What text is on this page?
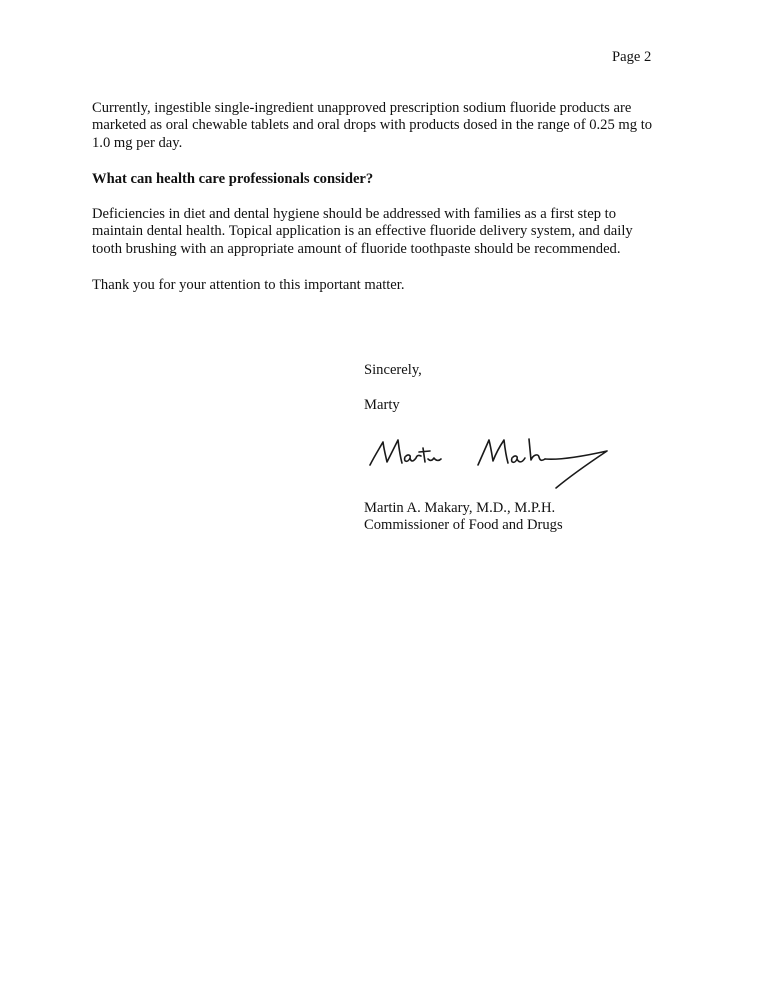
Page 2
Currently, ingestible single-ingredient unapproved prescription sodium fluoride products are
marketed as oral chewable tablets and oral drops with products dosed in the range of 0.25 mg to
1.0 mg per day.
What can health care professionals consider?
Deficiencies in diet and dental hygiene should be addressed with families as a first step to
maintain dental health. Topical application is an effective fluoride delivery system, and daily
tooth brushing with an appropriate amount of fluoride toothpaste should be recommended.
Thank you for your attention to this important matter.
Sincerely,
Marty
Martin A. Makary, M.D., M.P.H.
Commissioner of Food and Drugs
